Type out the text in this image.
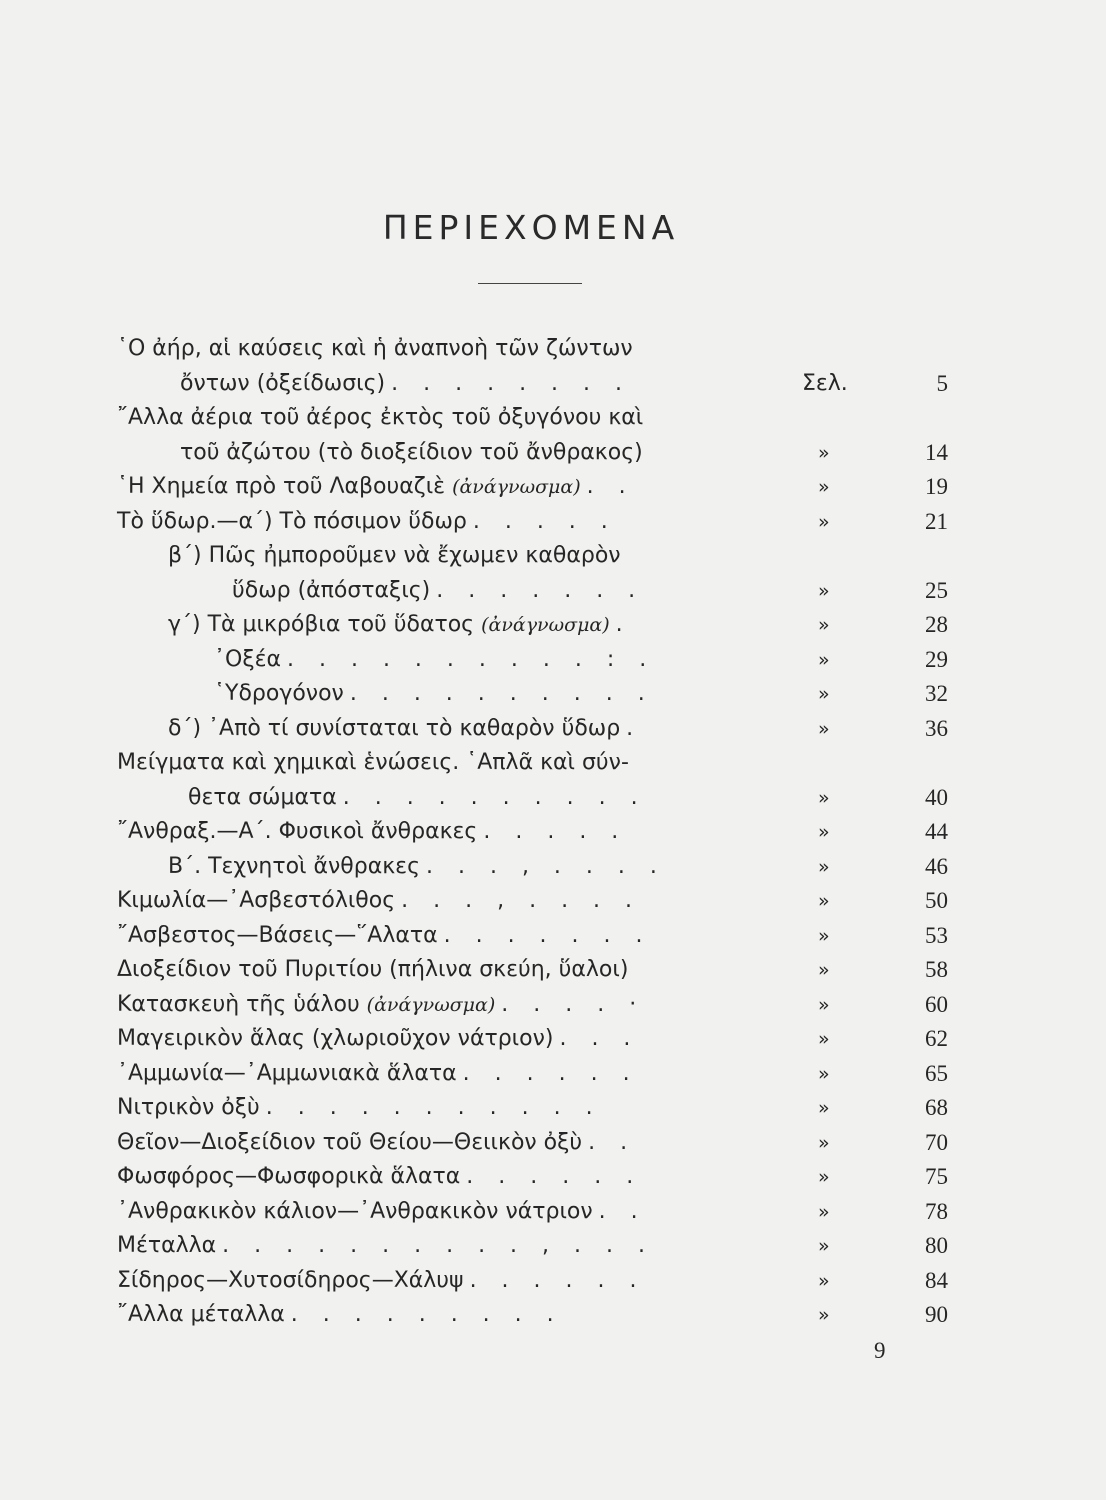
ΠΕΡΙΕΧΟΜΕΝΑ
῾Ο ἀήρ, αἱ καύσεις καὶ ἡ ἀναπνοὴ τῶν ζώντων
ὄντων (ὀξείδωσις) . . . . . . . .	Σελ.	5
῎Αλλα ἀέρια τοῦ ἀέρος ἐκτὸς τοῦ ὀξυγόνου καὶ
τοῦ ἀζώτου (τὸ διοξείδιον τοῦ ἄνθρακος)	»	14
῾Η Χημεία πρὸ τοῦ Λαβουαζιὲ (ἀνάγνωσμα) . .	»	19
Τὸ ὕδωρ.—α΄) Τὸ πόσιμον ὕδωρ . . . . .	»	21
β΄) Πῶς ἠμποροῦμεν νὰ ἔχωμεν καθαρὸν
ὕδωρ (ἀπόσταξις) . . . . . . .	»	25
γ΄) Τὰ μικρόβια τοῦ ὕδατος (ἀνάγνωσμα) .	»	28
᾿Οξέα . . . . . . . . . . : .	»	29
῾Υδρογόνον . . . . . . . . . .	»	32
δ΄) ᾿Απὸ τί συνίσταται τὸ καθαρὸν ὕδωρ .	»	36
Μείγματα καὶ χημικαὶ ἑνώσεις. ῾Απλᾶ καὶ σύν-
θετα σώματα . . . . . . . . . .	»	40
῎Ανθραξ.—Α΄. Φυσικοὶ ἄνθρακες . . . . .	»	44
Β΄. Τεχνητοὶ ἄνθρακες . . . , . . . .	»	46
Κιμωλία—᾿Ασβεστόλιθος . . . , . . . .	»	50
῎Ασβεστος—Βάσεις—῞Αλατα . . . . . . .	»	53
Διοξείδιον τοῦ Πυριτίου (πήλινα σκεύη, ὕαλοι)	»	58
Κατασκευὴ τῆς ὑάλου (ἀνάγνωσμα) . . . . ·	»	60
Μαγειρικὸν ἅλας (χλωριοῦχον νάτριον) . . .	»	62
᾿Αμμωνία—᾿Αμμωνιακὰ ἅλατα . . . . . .	»	65
Νιτρικὸν ὀξὺ . . . . . . . . . . .	»	68
Θεῖον—Διοξείδιον τοῦ Θείου—Θειικὸν ὀξὺ . .	»	70
Φωσφόρος—Φωσφορικὰ ἅλατα . . . . . .	»	75
᾿Ανθρακικὸν κάλιον—᾿Ανθρακικὸν νάτριον . .	»	78
Μέταλλα . . . . . . . . . . , . . .	»	80
Σίδηρος—Χυτοσίδηρος—Χάλυψ . . . . . .	»	84
῎Αλλα μέταλλα . . . . . . . . .	»	90
9
